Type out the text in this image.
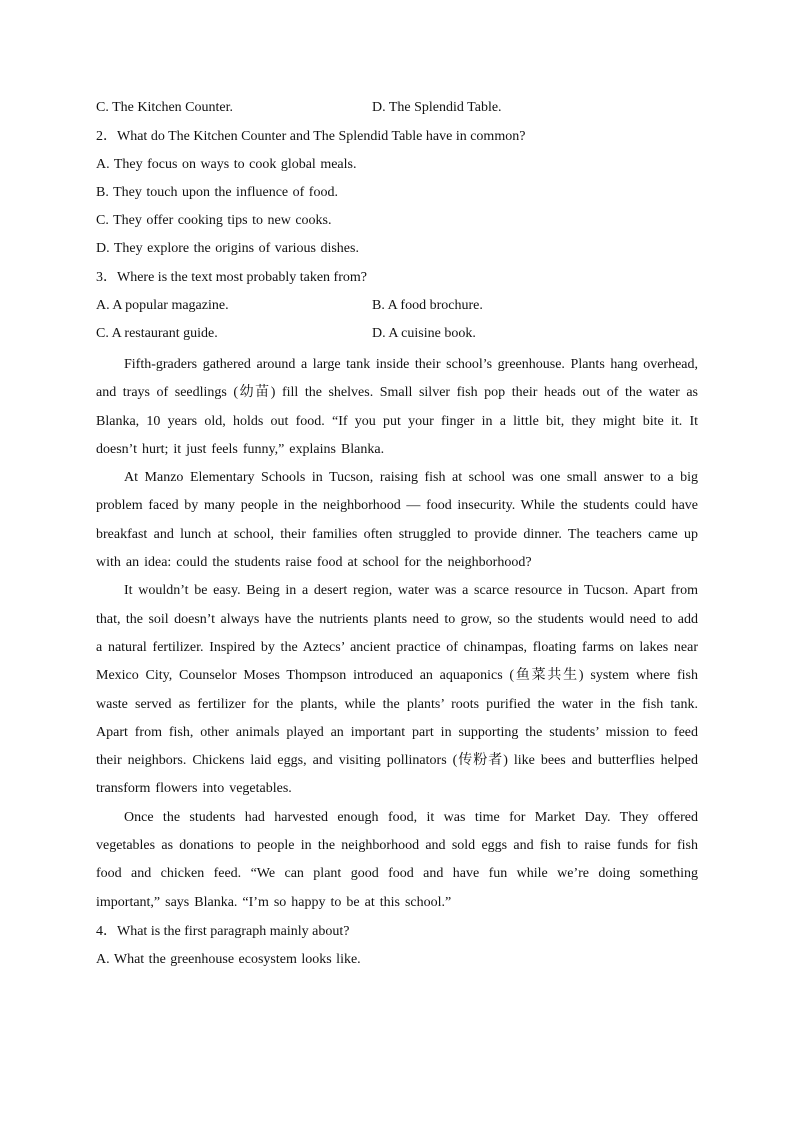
C. The Kitchen Counter.	D. The Splendid Table.
2．What do The Kitchen Counter and The Splendid Table have in common?
A. They focus on ways to cook global meals.
B. They touch upon the influence of food.
C. They offer cooking tips to new cooks.
D. They explore the origins of various dishes.
3．Where is the text most probably taken from?
A. A popular magazine.	B. A food brochure.
C. A restaurant guide.	D. A cuisine book.

Fifth-graders gathered around a large tank inside their school’s greenhouse. Plants hang overhead, and trays of seedlings (幼苗) fill the shelves. Small silver fish pop their heads out of the water as Blanka, 10 years old, holds out food. “If you put your finger in a little bit, they might bite it. It doesn’t hurt; it just feels funny,” explains Blanka.

At Manzo Elementary Schools in Tucson, raising fish at school was one small answer to a big problem faced by many people in the neighborhood — food insecurity. While the students could have breakfast and lunch at school, their families often struggled to provide dinner. The teachers came up with an idea: could the students raise food at school for the neighborhood?

It wouldn’t be easy. Being in a desert region, water was a scarce resource in Tucson. Apart from that, the soil doesn’t always have the nutrients plants need to grow, so the students would need to add a natural fertilizer. Inspired by the Aztecs’ ancient practice of chinampas, floating farms on lakes near Mexico City, Counselor Moses Thompson introduced an aquaponics (鱼菜共生) system where fish waste served as fertilizer for the plants, while the plants’ roots purified the water in the fish tank. Apart from fish, other animals played an important part in supporting the students’ mission to feed their neighbors. Chickens laid eggs, and visiting pollinators (传粉者) like bees and butterflies helped transform flowers into vegetables.

Once the students had harvested enough food, it was time for Market Day. They offered vegetables as donations to people in the neighborhood and sold eggs and fish to raise funds for fish food and chicken feed. “We can plant good food and have fun while we’re doing something important,” says Blanka. “I’m so happy to be at this school.”

4．What is the first paragraph mainly about?
A. What the greenhouse ecosystem looks like.
